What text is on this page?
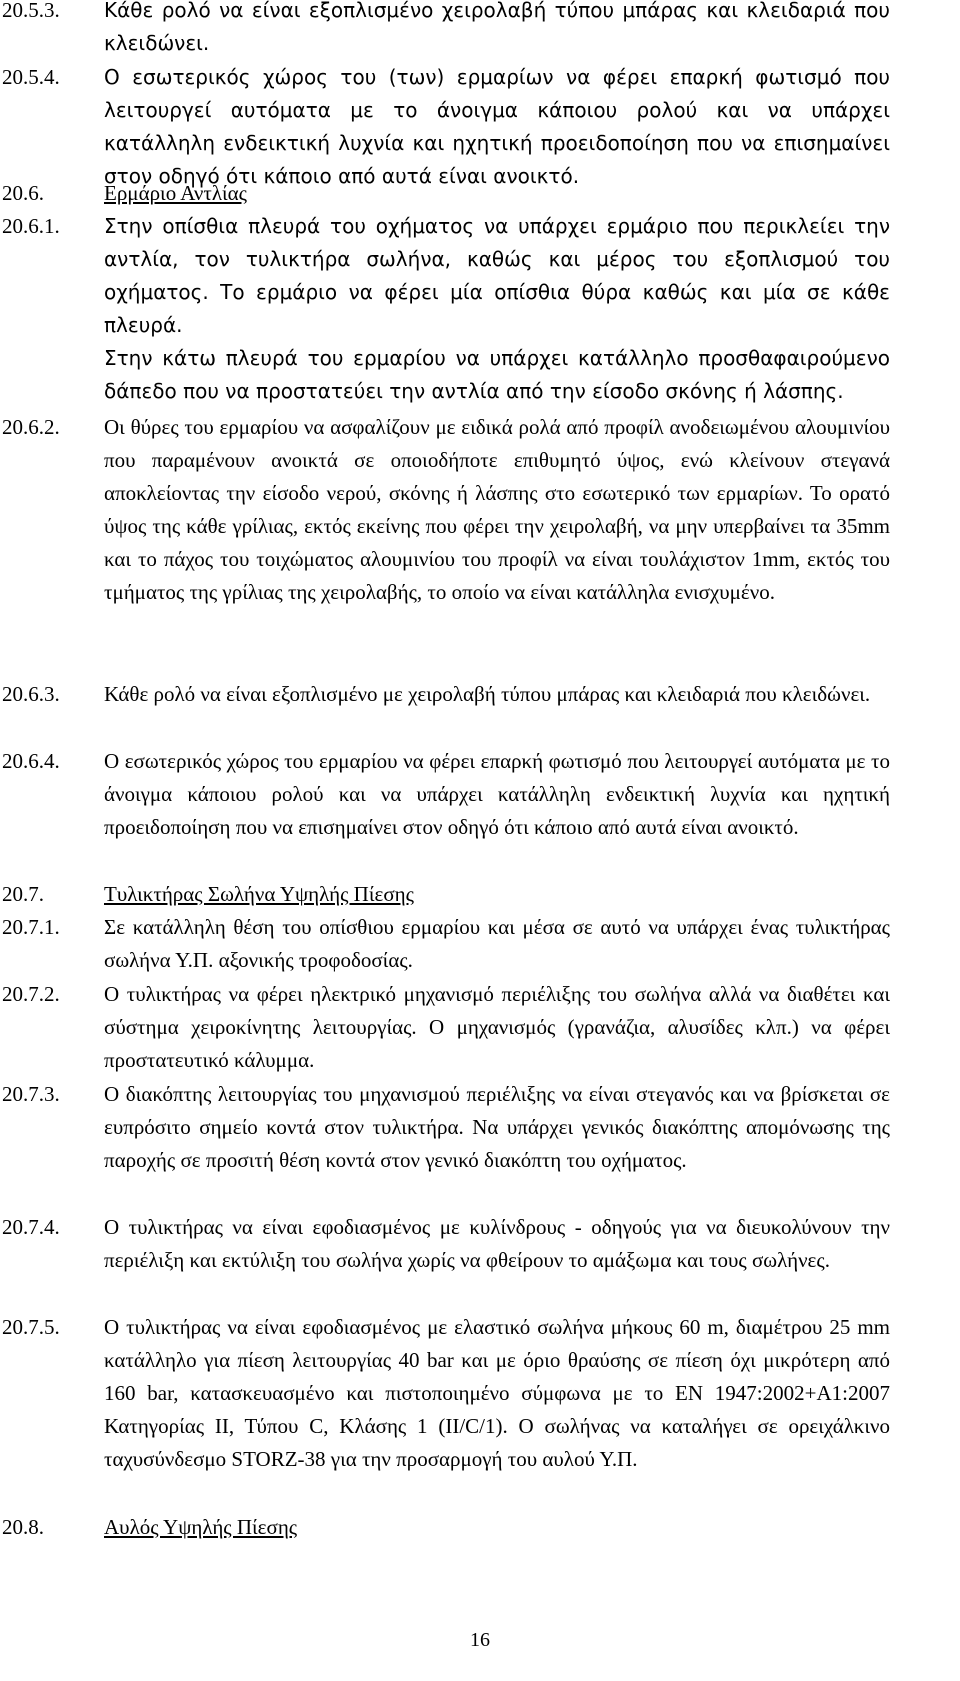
20.5.3. Κάθε ρολό να είναι εξοπλισμένο χειρολαβή τύπου μπάρας και κλειδαριά που κλειδώνει.

20.5.4. Ο εσωτερικός χώρος του (των) ερμαρίων να φέρει επαρκή φωτισμό που λειτουργεί αυτόματα με το άνοιγμα κάποιου ρολού και να υπάρχει κατάλληλη ενδεικτική λυχνία και ηχητική προειδοποίηση που να επισημαίνει στον οδηγό ότι κάποιο από αυτά είναι ανοικτό.

20.6.	Ερμάριο Αντλίας
20.6.1. Στην οπίσθια πλευρά του οχήματος να υπάρχει ερμάριο που περικλείει την αντλία, τον τυλικτήρα σωλήνα, καθώς και μέρος του εξοπλισμού του οχήματος. Το ερμάριο να φέρει μία οπίσθια θύρα καθώς και μία σε κάθε πλευρά.

Στην κάτω πλευρά του ερμαρίου να υπάρχει κατάλληλο προσθαφαιρούμενο δάπεδο που να προστατεύει την αντλία από την είσοδο σκόνης ή λάσπης.

20.6.2. Οι θύρες του ερμαρίου να ασφαλίζουν με ειδικά ρολά από προφίλ ανοδειωμένου αλουμινίου που παραμένουν ανοικτά σε οποιοδήποτε επιθυμητό ύψος, ενώ κλείνουν στεγανά αποκλείοντας την είσοδο νερού, σκόνης ή λάσπης στο εσωτερικό των ερμαρίων. Το ορατό ύψος της κάθε γρίλιας, εκτός εκείνης που φέρει την χειρολαβή, να μην υπερβαίνει τα 35mm και το πάχος του τοιχώματος αλουμινίου του προφίλ να είναι τουλάχιστον 1mm, εκτός του τμήματος της γρίλιας της χειρολαβής, το οποίο να είναι κατάλληλα ενισχυμένο.

20.6.3. Κάθε ρολό να είναι εξοπλισμένο με χειρολαβή τύπου μπάρας και κλειδαριά που κλειδώνει.

20.6.4. Ο εσωτερικός χώρος του ερμαρίου να φέρει επαρκή φωτισμό που λειτουργεί αυτόματα με το άνοιγμα κάποιου ρολού και να υπάρχει κατάλληλη ενδεικτική λυχνία και ηχητική προειδοποίηση που να επισημαίνει στον οδηγό ότι κάποιο από αυτά είναι ανοικτό.

20.7.	Τυλικτήρας Σωλήνα Υψηλής Πίεσης
20.7.1. Σε κατάλληλη θέση του οπίσθιου ερμαρίου και μέσα σε αυτό να υπάρχει ένας τυλικτήρας σωλήνα Υ.Π. αξονικής τροφοδοσίας.

20.7.2. Ο τυλικτήρας να φέρει ηλεκτρικό μηχανισμό περιέλιξης του σωλήνα αλλά να διαθέτει και σύστημα χειροκίνητης λειτουργίας. Ο μηχανισμός (γρανάζια, αλυσίδες κλπ.) να φέρει προστατευτικό κάλυμμα.

20.7.3. Ο διακόπτης λειτουργίας του μηχανισμού περιέλιξης να είναι στεγανός και να βρίσκεται σε ευπρόσιτο σημείο κοντά στον τυλικτήρα. Να υπάρχει γενικός διακόπτης απομόνωσης της παροχής σε προσιτή θέση κοντά στον γενικό διακόπτη του οχήματος.

20.7.4. Ο τυλικτήρας να είναι εφοδιασμένος με κυλίνδρους - οδηγούς για να διευκολύνουν την περιέλιξη και εκτύλιξη του σωλήνα χωρίς να φθείρουν το αμάξωμα και τους σωλήνες.

20.7.5. Ο τυλικτήρας να είναι εφοδιασμένος με ελαστικό σωλήνα μήκους 60 m, διαμέτρου 25 mm κατάλληλο για πίεση λειτουργίας 40 bar και με όριο θραύσης σε πίεση όχι μικρότερη από 160 bar, κατασκευασμένο και πιστοποιημένο σύμφωνα με το EN 1947:2002+A1:2007 Κατηγορίας ΙΙ, Τύπου C, Κλάσης 1 (II/C/1). Ο σωλήνας να καταλήγει σε ορειχάλκινο ταχυσύνδεσμο STORZ-38 για την προσαρμογή του αυλού Υ.Π.

20.8.	Αυλός Υψηλής Πίεσης
16
